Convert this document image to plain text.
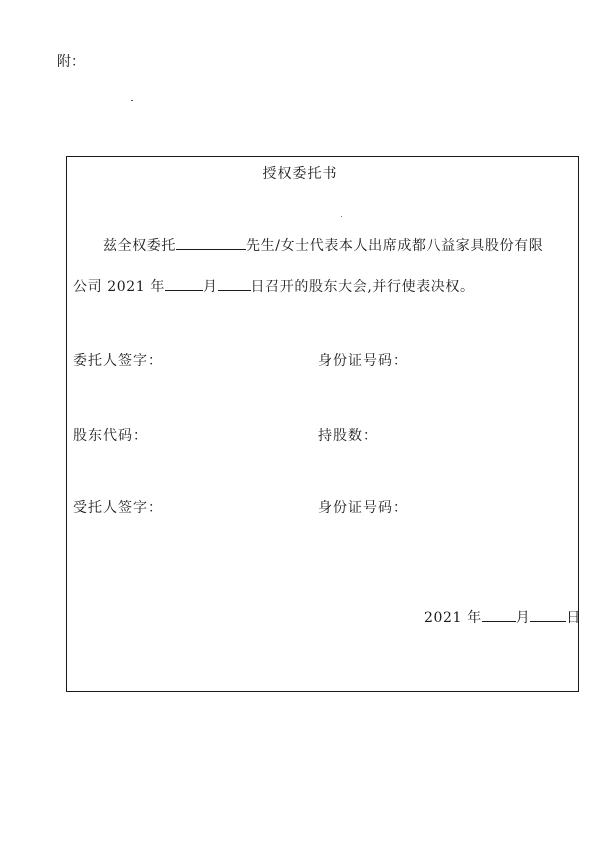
附：
授权委托书
兹全权委托	先生/女士代表本人出席成都八益家具股份有限
公司 2021 年	月 日召开的股东大会,并行使表决权。
委托人签字：	身份证号码：
股东代码：	持股数：
受托人签字：	身份证号码：
2021 年 月	日
